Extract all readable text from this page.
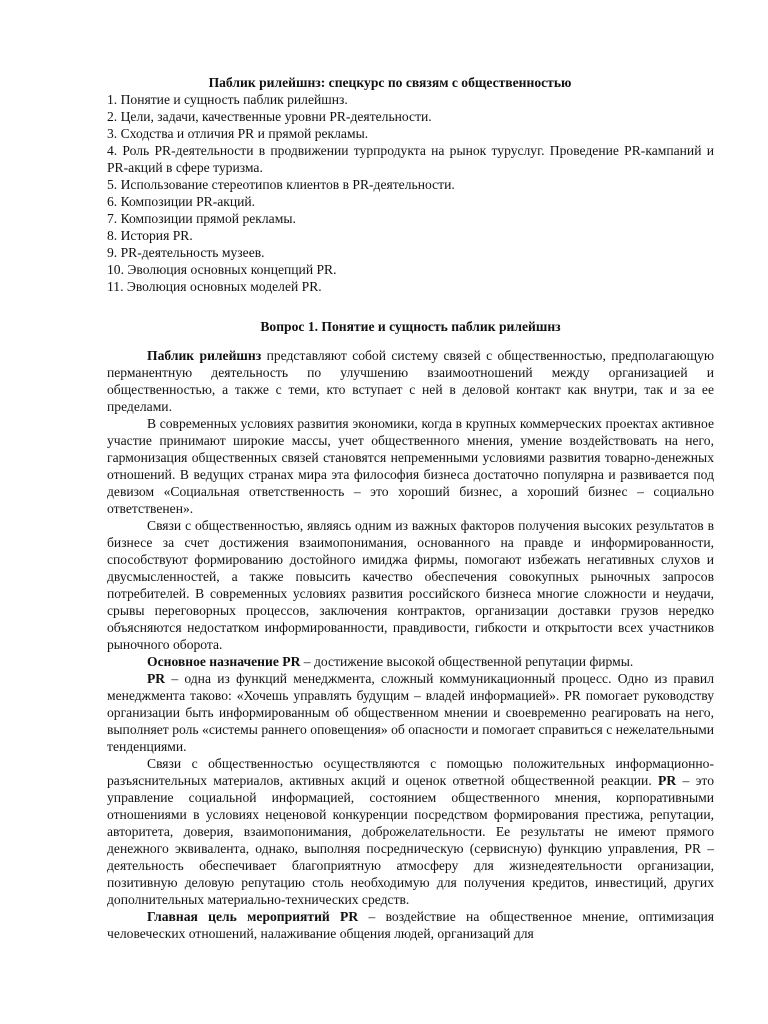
Паблик рилейшнз: спецкурс по связям с общественностью
1. Понятие и сущность паблик рилейшнз.
2. Цели, задачи, качественные уровни PR-деятельности.
3. Сходства и отличия PR и прямой рекламы.
4. Роль PR-деятельности в продвижении турпродукта на рынок туруслуг. Проведение PR-кампаний и PR-акций в сфере туризма.
5. Использование стереотипов клиентов в PR-деятельности.
6. Композиции PR-акций.
7. Композиции прямой рекламы.
8. История PR.
9. PR-деятельность музеев.
10. Эволюция основных концепций PR.
11. Эволюция основных моделей PR.
Вопрос 1. Понятие и сущность паблик рилейшнз

Паблик рилейшнз представляют собой систему связей с общественностью, предполагающую перманентную деятельность по улучшению взаимоотношений между организацией и общественностью, а также с теми, кто вступает с ней в деловой контакт как внутри, так и за ее пределами.

В современных условиях развития экономики, когда в крупных коммерческих проектах активное участие принимают широкие массы, учет общественного мнения, умение воздействовать на него, гармонизация общественных связей становятся непременными условиями развития товарно-денежных отношений. В ведущих странах мира эта философия бизнеса достаточно популярна и развивается под девизом «Социальная ответственность – это хороший бизнес, а хороший бизнес – социально ответственен».

Связи с общественностью, являясь одним из важных факторов получения высоких результатов в бизнесе за счет достижения взаимопонимания, основанного на правде и информированности, способствуют формированию достойного имиджа фирмы, помогают избежать негативных слухов и двусмысленностей, а также повысить качество обеспечения совокупных рыночных запросов потребителей. В современных условиях развития российского бизнеса многие сложности и неудачи, срывы переговорных процессов, заключения контрактов, организации доставки грузов нередко объясняются недостатком информированности, правдивости, гибкости и открытости всех участников рыночного оборота.

Основное назначение PR – достижение высокой общественной репутации фирмы.

PR – одна из функций менеджмента, сложный коммуникационный процесс. Одно из правил менеджмента таково: «Хочешь управлять будущим – владей информацией». PR помогает руководству организации быть информированным об общественном мнении и своевременно реагировать на него, выполняет роль «системы раннего оповещения» об опасности и помогает справиться с нежелательными тенденциями.

Связи с общественностью осуществляются с помощью положительных информационно-разъяснительных материалов, активных акций и оценок ответной общественной реакции. PR – это управление социальной информацией, состоянием общественного мнения, корпоративными отношениями в условиях неценовой конкуренции посредством формирования престижа, репутации, авторитета, доверия, взаимопонимания, доброжелательности. Ее результаты не имеют прямого денежного эквивалента, однако, выполняя посредническую (сервисную) функцию управления, PR – деятельность обеспечивает благоприятную атмосферу для жизнедеятельности организации, позитивную деловую репутацию столь необходимую для получения кредитов, инвестиций, других дополнительных материально-технических средств.

Главная цель мероприятий PR – воздействие на общественное мнение, оптимизация человеческих отношений, налаживание общения людей, организаций для
